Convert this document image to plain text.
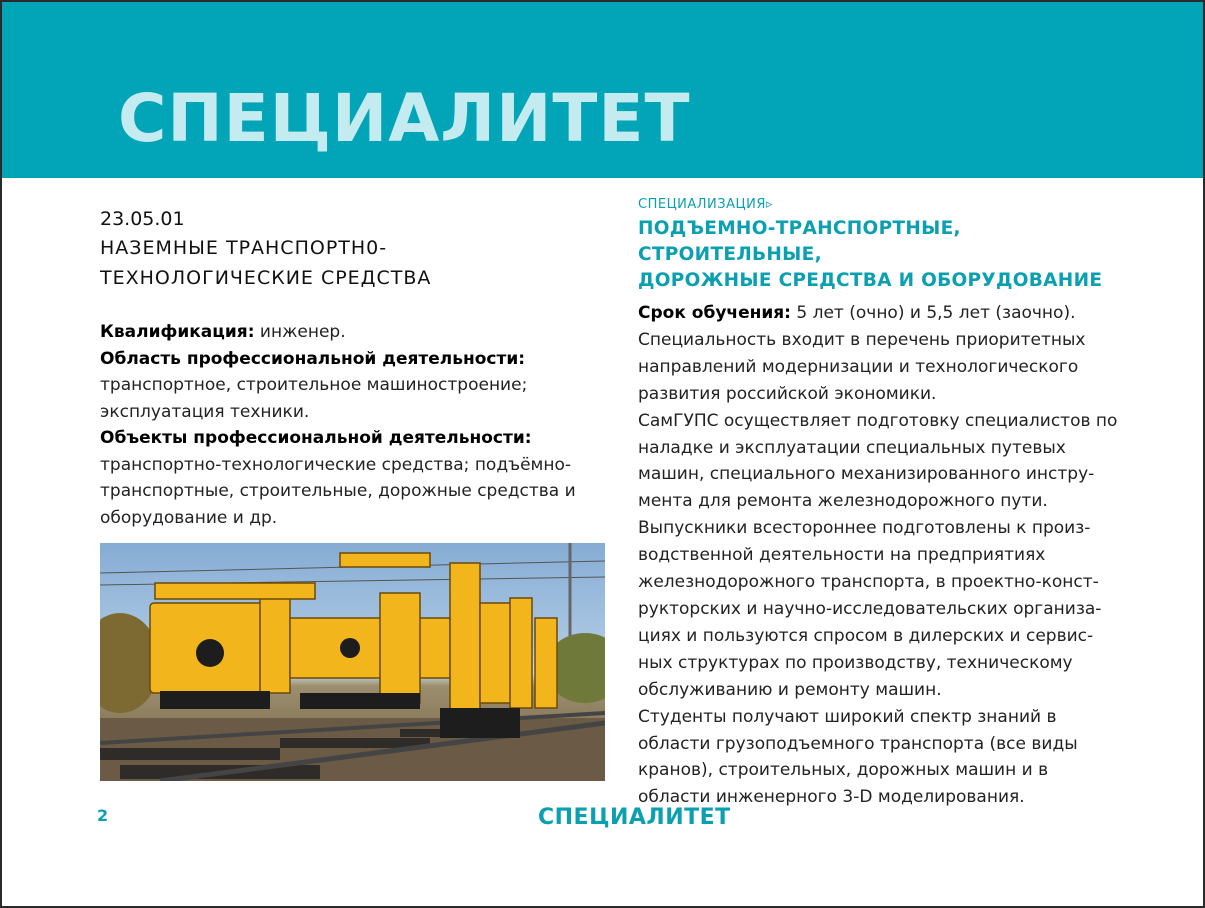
СПЕЦИАЛИТЕТ
23.05.01
НАЗЕМНЫЕ ТРАНСПОРТН0-
ТЕХНОЛОГИЧЕСКИЕ СРЕДСТВА
Квалификация: инженер.
Область профессиональной деятельности:
транспортное, строительное машиностроение; эксплуатация техники.
Объекты профессиональной деятельности:
транспортно-технологические средства; подъёмно-транспортные, строительные, дорожные средства и оборудование и др.
СПЕЦИАЛИЗАЦИЯ▹
ПОДЪЕМНО-ТРАНСПОРТНЫЕ, СТРОИТЕЛЬНЫЕ,
ДОРОЖНЫЕ СРЕДСТВА И ОБОРУДОВАНИЕ
Срок обучения: 5 лет (очно) и 5,5 лет (заочно).
Специальность входит в перечень приоритетных направлений модернизации и технологического развития российской экономики.
СамГУПС осуществляет подготовку специалистов по наладке и эксплуатации специальных путевых машин, специального механизированного инстру-мента для ремонта железнодорожного пути.
Выпускники всестороннее подготовлены к произ-водственной деятельности на предприятиях железнодорожного транспорта, в проектно-конст-рукторских и научно-исследовательских организа-циях и пользуются спросом в дилерских и сервис-ных структурах по производству, техническому обслуживанию и ремонту машин.
Студенты получают широкий спектр знаний в области грузоподъемного транспорта (все виды кранов), строительных, дорожных машин и в области инженерного 3-D моделирования.
2	СПЕЦИАЛИТЕТ
